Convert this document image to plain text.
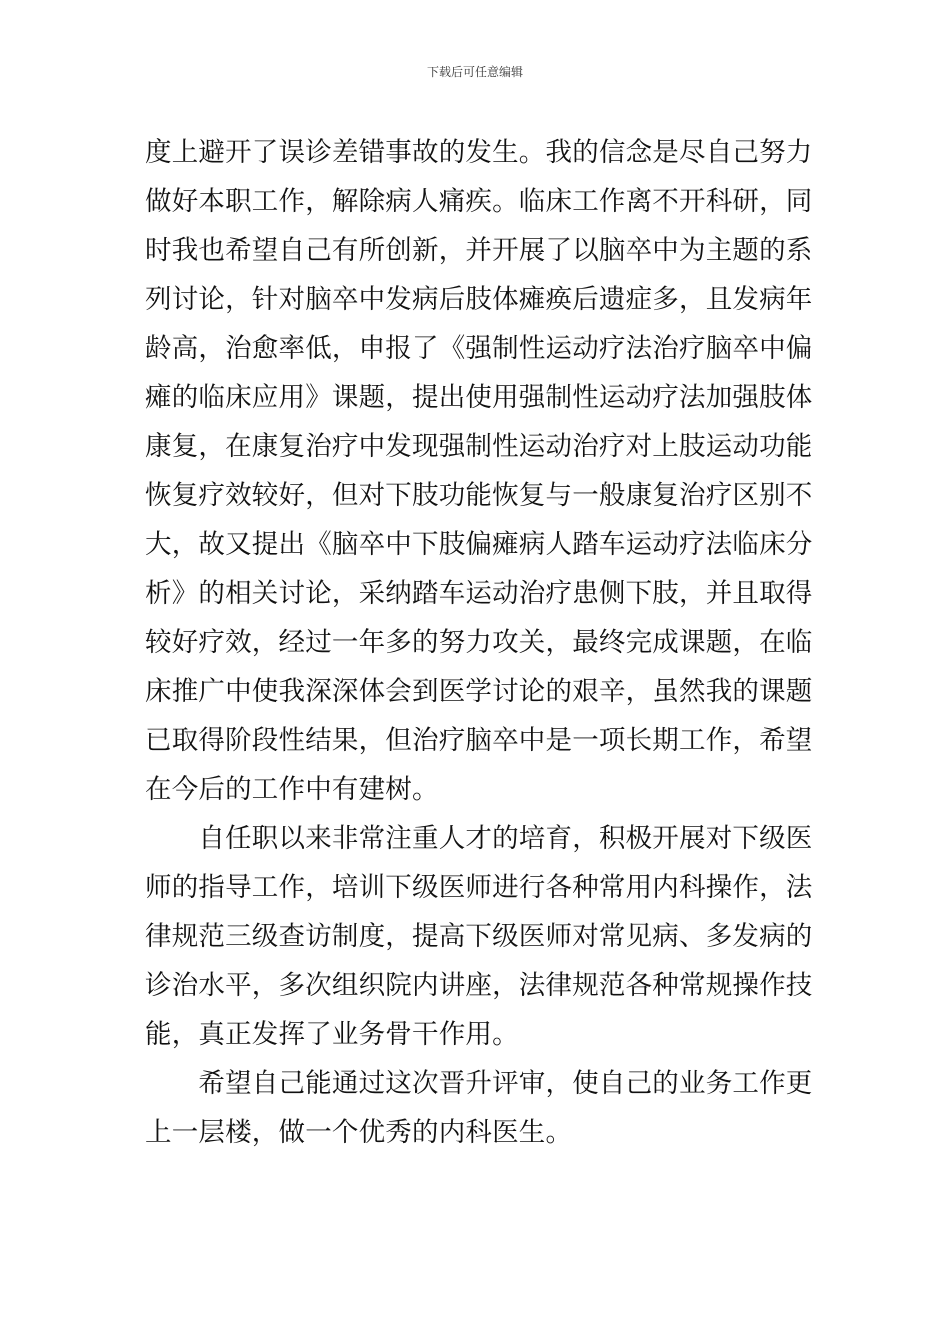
下载后可任意编辑
度上避开了误诊差错事故的发生。我的信念是尽自己努力
做好本职工作，解除病人痛疾。临床工作离不开科研，同
时我也希望自己有所创新，并开展了以脑卒中为主题的系
列讨论，针对脑卒中发病后肢体瘫痪后遗症多，且发病年
龄高，治愈率低，申报了《强制性运动疗法治疗脑卒中偏
瘫的临床应用》课题，提出使用强制性运动疗法加强肢体
康复，在康复治疗中发现强制性运动治疗对上肢运动功能
恢复疗效较好，但对下肢功能恢复与一般康复治疗区别不
大，故又提出《脑卒中下肢偏瘫病人踏车运动疗法临床分
析》的相关讨论，采纳踏车运动治疗患侧下肢，并且取得
较好疗效，经过一年多的努力攻关，最终完成课题，在临
床推广中使我深深体会到医学讨论的艰辛，虽然我的课题
已取得阶段性结果，但治疗脑卒中是一项长期工作，希望
在今后的工作中有建树。
　　自任职以来非常注重人才的培育，积极开展对下级医
师的指导工作，培训下级医师进行各种常用内科操作，法
律规范三级查访制度，提高下级医师对常见病、多发病的
诊治水平，多次组织院内讲座，法律规范各种常规操作技
能，真正发挥了业务骨干作用。
　　希望自己能通过这次晋升评审，使自己的业务工作更
上一层楼，做一个优秀的内科医生。
